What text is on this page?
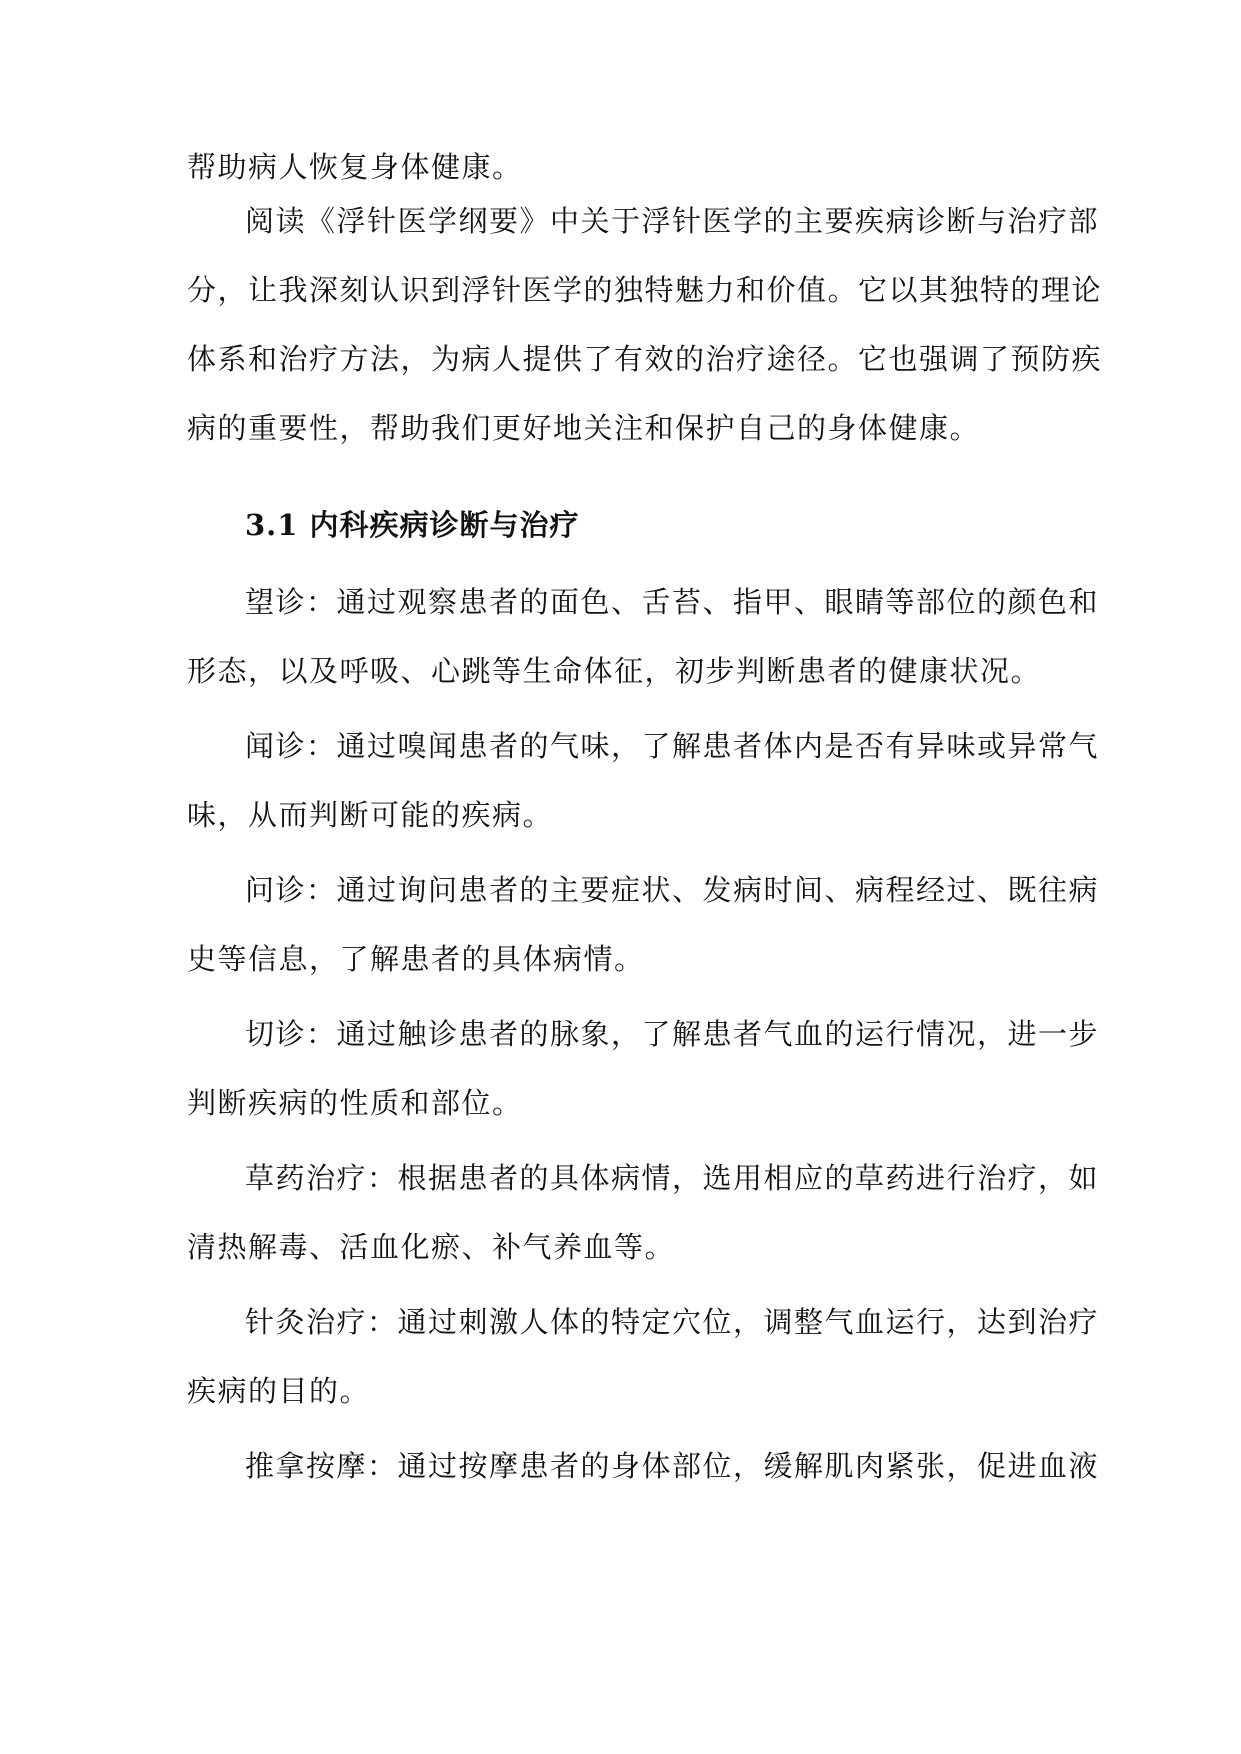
帮助病人恢复身体健康。
阅读《浮针医学纲要》中关于浮针医学的主要疾病诊断与治疗部
分，让我深刻认识到浮针医学的独特魅力和价值。它以其独特的理论
体系和治疗方法，为病人提供了有效的治疗途径。它也强调了预防疾
病的重要性，帮助我们更好地关注和保护自己的身体健康。
3.1 内科疾病诊断与治疗
望诊：通过观察患者的面色、舌苔、指甲、眼睛等部位的颜色和
形态，以及呼吸、心跳等生命体征，初步判断患者的健康状况。
闻诊：通过嗅闻患者的气味，了解患者体内是否有异味或异常气
味，从而判断可能的疾病。
问诊：通过询问患者的主要症状、发病时间、病程经过、既往病
史等信息，了解患者的具体病情。
切诊：通过触诊患者的脉象，了解患者气血的运行情况，进一步
判断疾病的性质和部位。
草药治疗：根据患者的具体病情，选用相应的草药进行治疗，如
清热解毒、活血化瘀、补气养血等。
针灸治疗：通过刺激人体的特定穴位，调整气血运行，达到治疗
疾病的目的。
推拿按摩：通过按摩患者的身体部位，缓解肌肉紧张，促进血液
